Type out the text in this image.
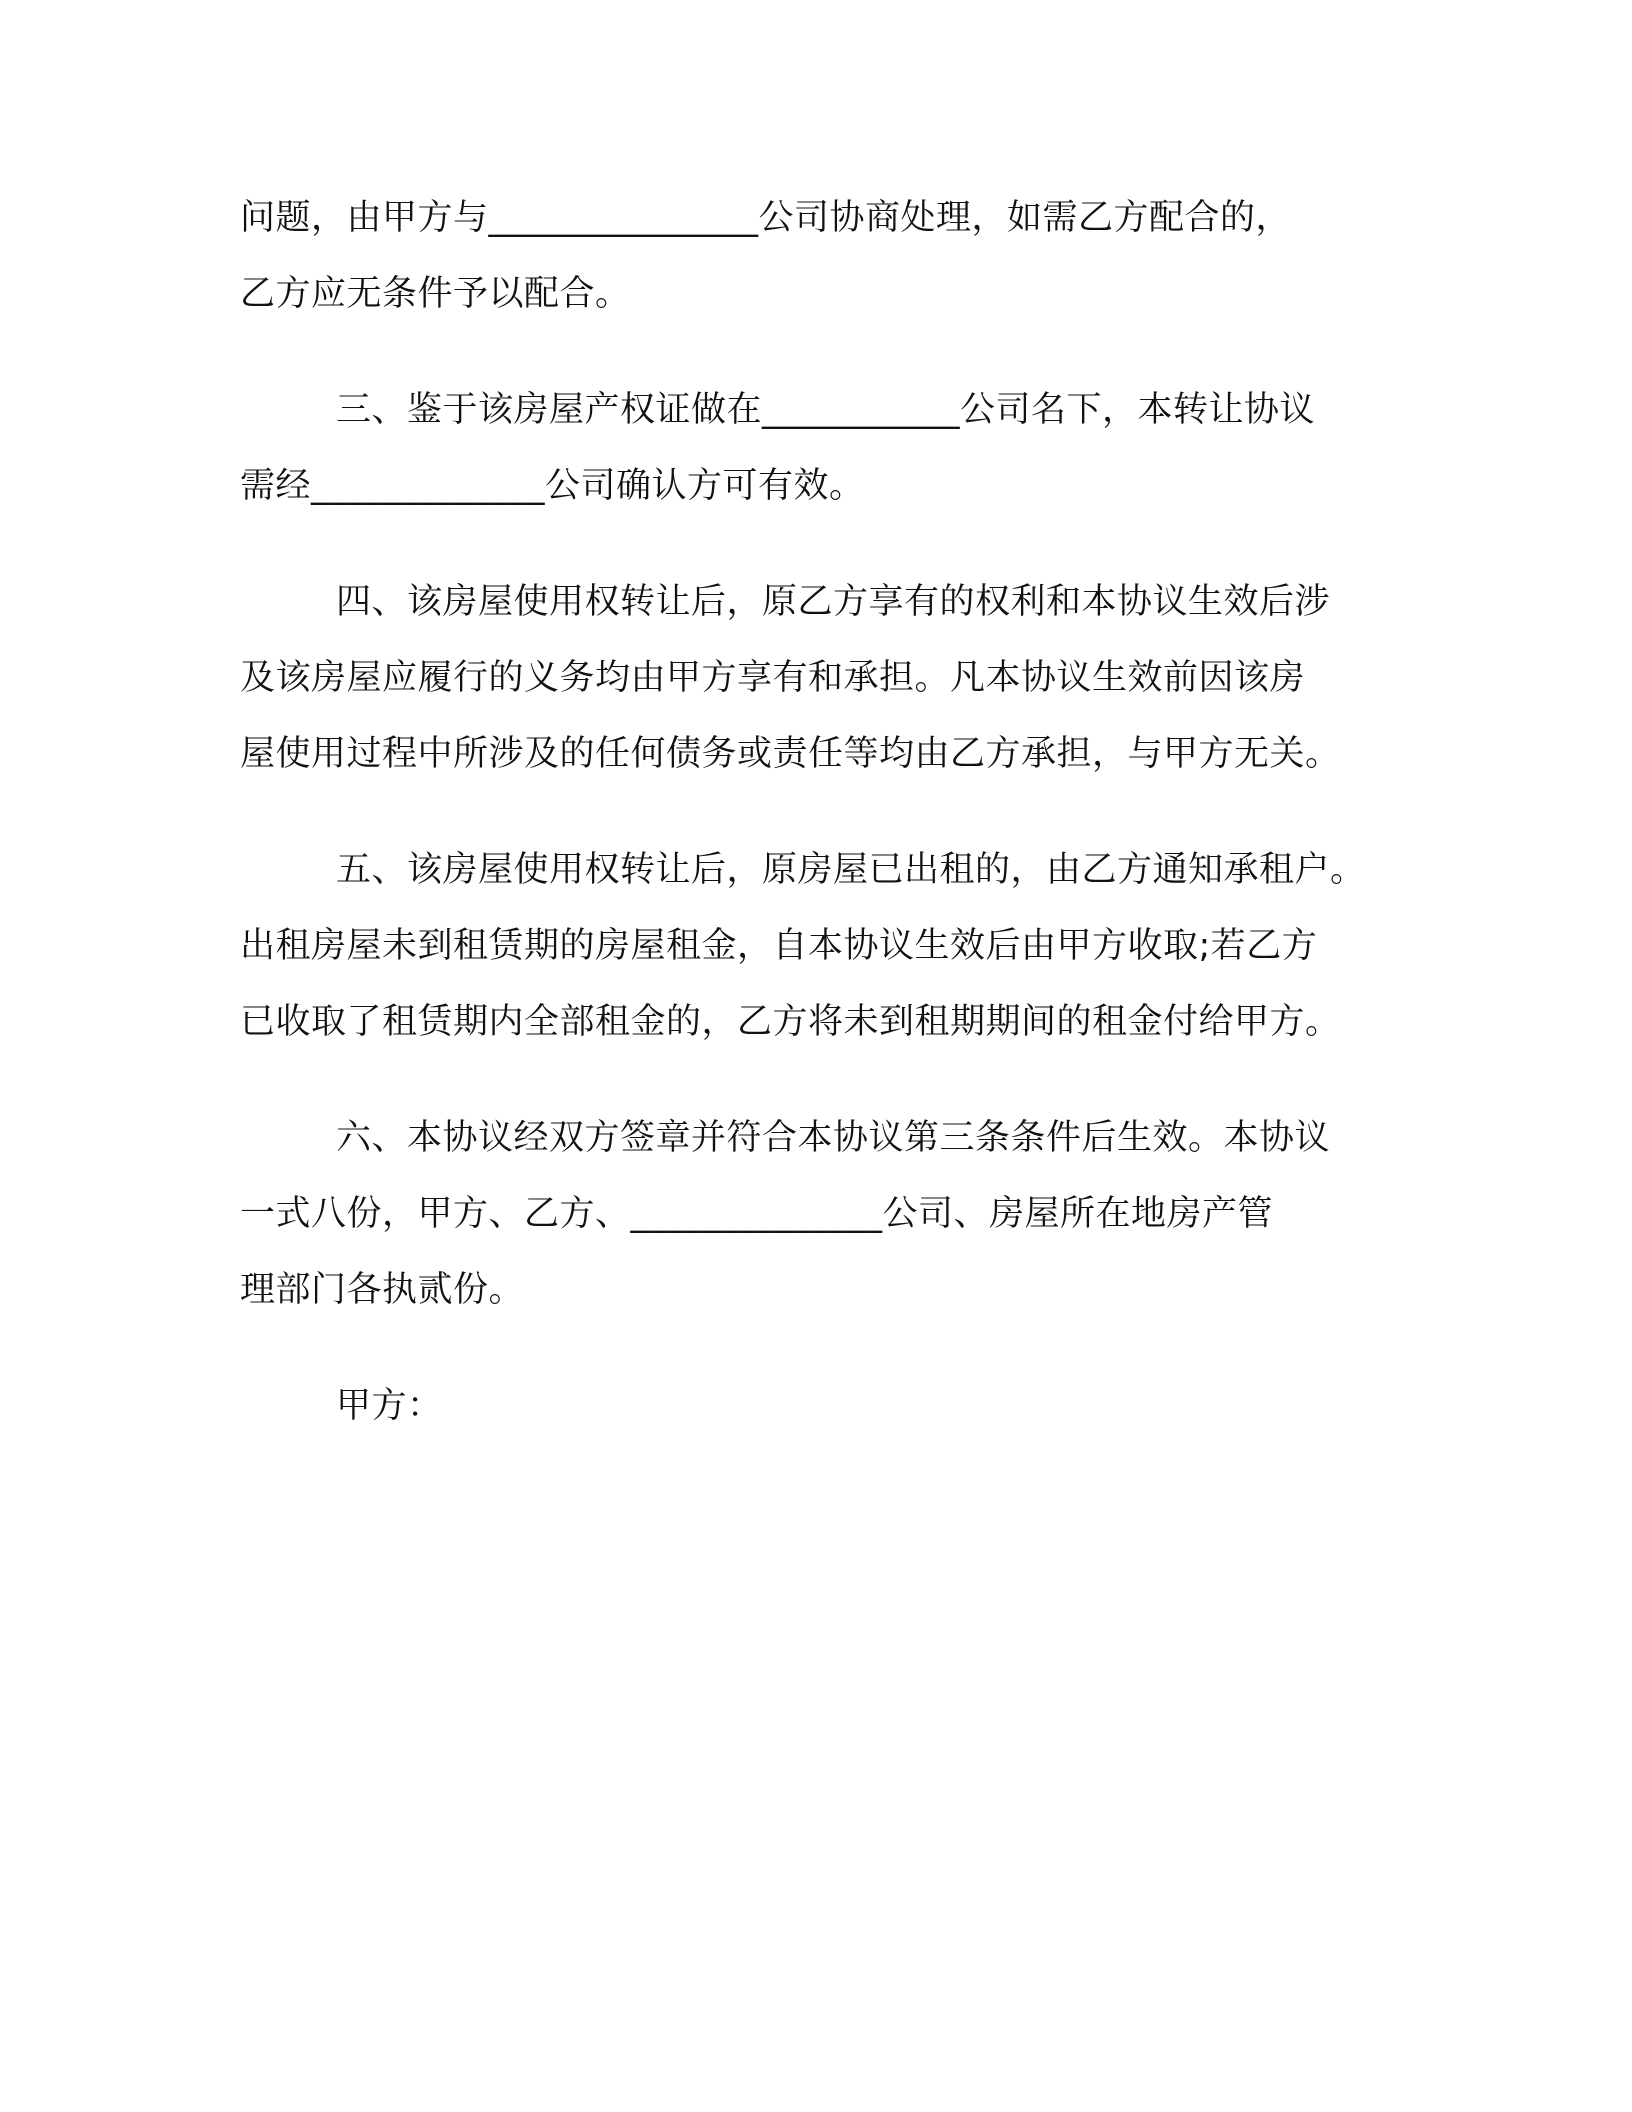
问题，由甲方与_______________公司协商处理，如需乙方配合的，
乙方应无条件予以配合。

三、鉴于该房屋产权证做在___________公司名下，本转让协议
需经_____________公司确认方可有效。

四、该房屋使用权转让后，原乙方享有的权利和本协议生效后涉
及该房屋应履行的义务均由甲方享有和承担。凡本协议生效前因该房
屋使用过程中所涉及的任何债务或责任等均由乙方承担，与甲方无关。

五、该房屋使用权转让后，原房屋已出租的，由乙方通知承租户。
出租房屋未到租赁期的房屋租金，自本协议生效后由甲方收取;若乙方
已收取了租赁期内全部租金的，乙方将未到租期期间的租金付给甲方。

六、本协议经双方签章并符合本协议第三条条件后生效。本协议
一式八份，甲方、乙方、______________公司、房屋所在地房产管
理部门各执贰份。

甲方：
